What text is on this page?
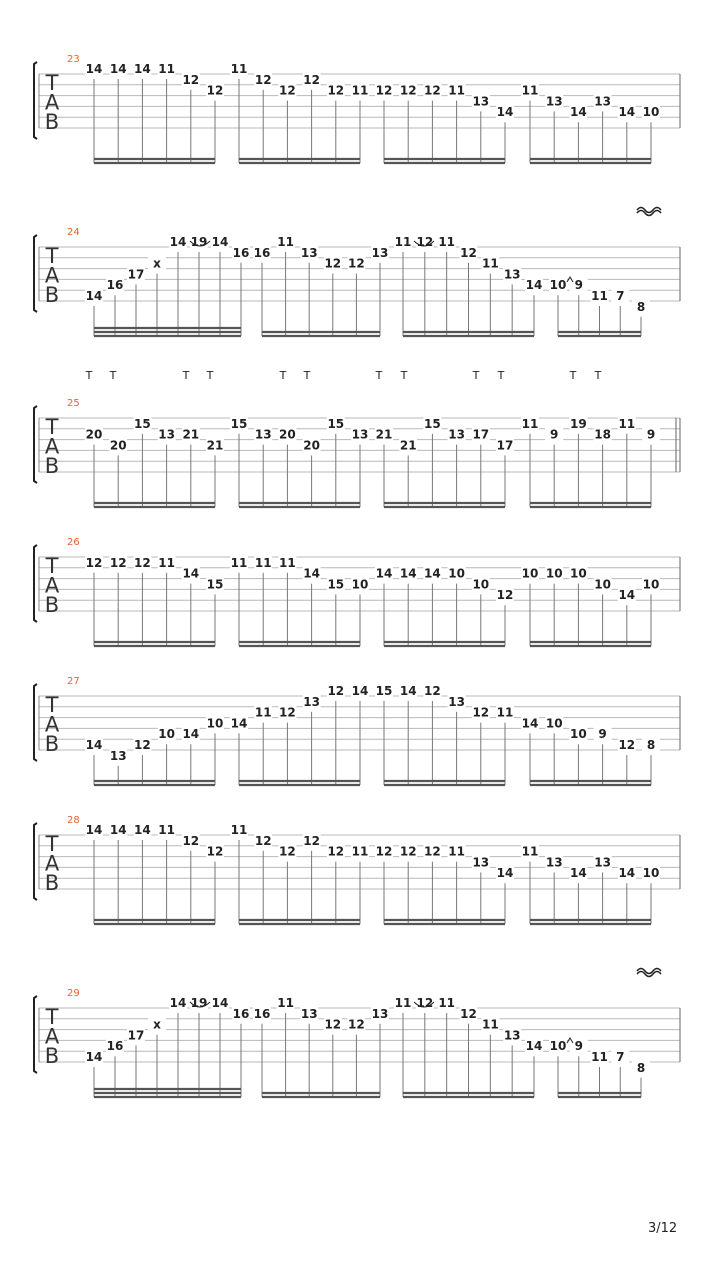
T
A
B
23
14 14 14 11
12
12
11
12
12
12
12 11 12 12 12 11
13
14
11
13
14
13
14 10
T
A
B
24
T T	T T	T T	T T	T T	T T
14
16
17
x
14 19 14
16 16
11
13
12 12
13
11 12 11
12
11
13
14 10 9
11 7
8
T
A
B
25
20
20
15
13 21
21
15
13 20
20
15
13 21
21
15
13 17
17
11
9
19
18
11
9
T
A
B
26
12 12 12 11
14
15
11 11 11
14
15 10
14 14 14 10
10
12
10 10 10
10
14
10
T
A
B
27
14
13
12
10 14
10 14
11 12
13
12 14 15 14 12
13
12 11
14 10
10 9
12 8
T
A
B
28
14 14 14 11
12
12
11
12
12
12
12 11 12 12 12 11
13
14
11
13
14
13
14 10
T
A
B
29
14
16
17
x
14 19 14
16 16
11
13
12 12
13
11 12 11
12
11
13
14 10 9
11 7
8
3/12
